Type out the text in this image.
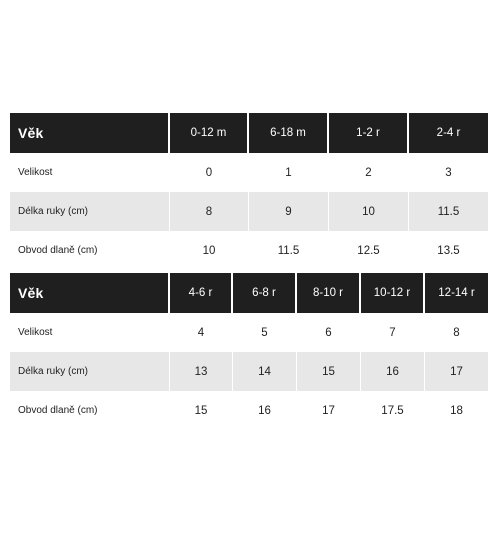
Věk	0-12 m	6-18 m	1-2 r	2-4 r
Velikost	0	1	2	3
Délka ruky (cm)	8	9	10	11.5
Obvod dlaně (cm)	10	11.5	12.5	13.5
Věk	4-6 r	6-8 r	8-10 r	10-12 r	12-14 r
Velikost	4	5	6	7	8
Délka ruky (cm)	13	14	15	16	17
Obvod dlaně (cm)	15	16	17	17.5	18
